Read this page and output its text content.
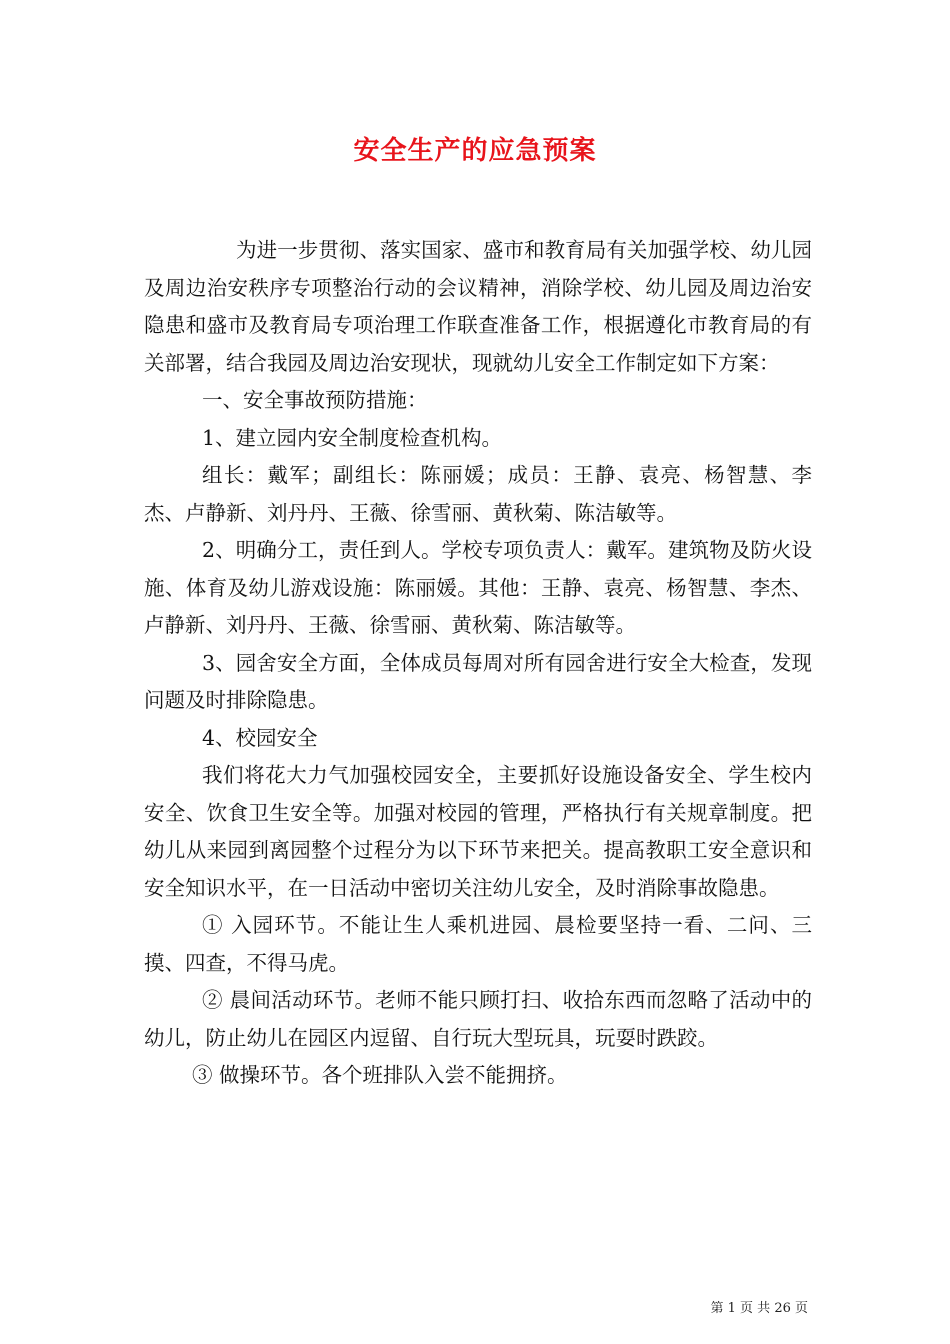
安全生产的应急预案

为进一步贯彻、落实国家、盛市和教育局有关加强学校、幼儿园及周边治安秩序专项整治行动的会议精神，消除学校、幼儿园及周边治安隐患和盛市及教育局专项治理工作联查准备工作，根据遵化市教育局的有关部署，结合我园及周边治安现状，现就幼儿安全工作制定如下方案：

一、安全事故预防措施：

1、建立园内安全制度检查机构。

组长：戴军；副组长：陈丽媛；成员：王静、袁亮、杨智慧、李杰、卢静新、刘丹丹、王薇、徐雪丽、黄秋菊、陈洁敏等。

2、明确分工，责任到人。学校专项负责人：戴军。建筑物及防火设施、体育及幼儿游戏设施：陈丽媛。其他：王静、袁亮、杨智慧、李杰、卢静新、刘丹丹、王薇、徐雪丽、黄秋菊、陈洁敏等。

3、园舍安全方面，全体成员每周对所有园舍进行安全大检查，发现问题及时排除隐患。

4、校园安全

我们将花大力气加强校园安全，主要抓好设施设备安全、学生校内安全、饮食卫生安全等。加强对校园的管理，严格执行有关规章制度。把幼儿从来园到离园整个过程分为以下环节来把关。提高教职工安全意识和安全知识水平，在一日活动中密切关注幼儿安全，及时消除事故隐患。

① 入园环节。不能让生人乘机进园、晨检要坚持一看、二问、三摸、四查，不得马虎。

② 晨间活动环节。老师不能只顾打扫、收拾东西而忽略了活动中的幼儿，防止幼儿在园区内逗留、自行玩大型玩具，玩耍时跌跤。

③ 做操环节。各个班排队入尝不能拥挤。

第 1 页 共 26 页
